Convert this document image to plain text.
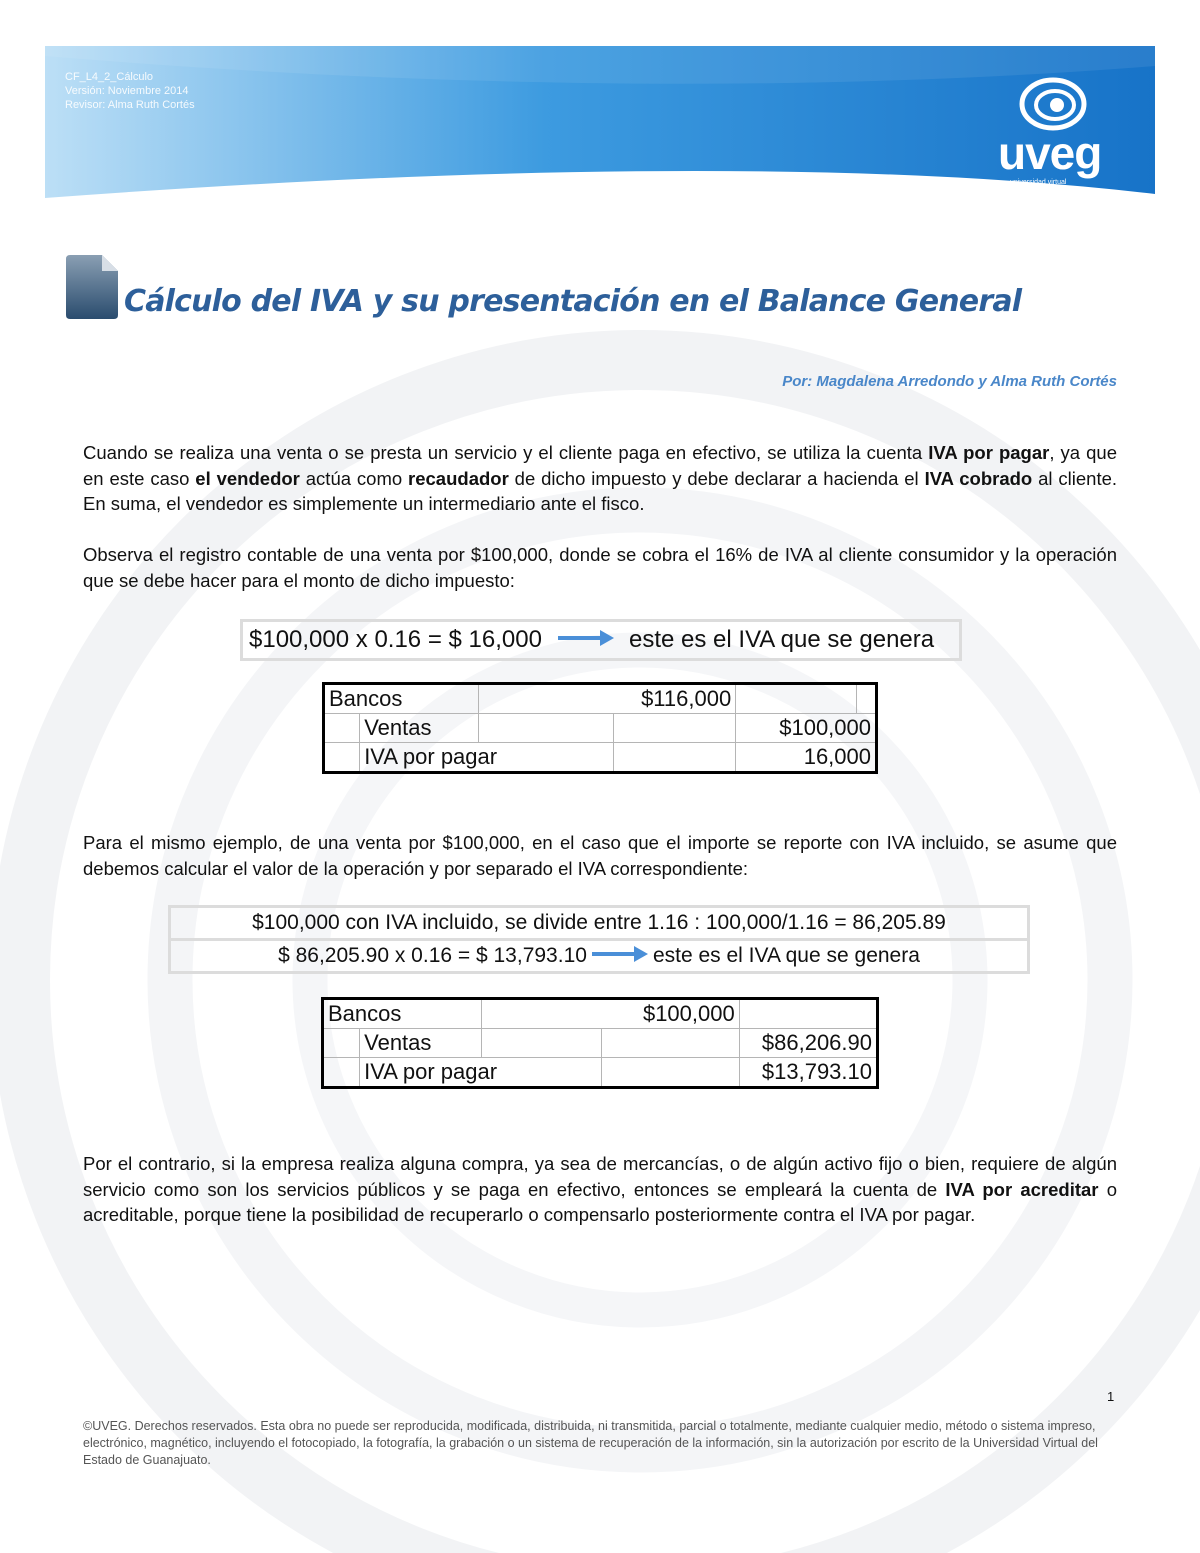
CF_L4_2_Cálculo
Versión: Noviembre 2014
Revisor: Alma Ruth Cortés
uveg
universidad virtual
del estado de guanajuato
Cálculo del IVA y su presentación en el Balance General
Por: Magdalena Arredondo y Alma Ruth Cortés
Cuando se realiza una venta o se presta un servicio y el cliente paga en efectivo, se utiliza la cuenta IVA por pagar, ya que en este caso el vendedor actúa como recaudador de dicho impuesto y debe declarar a hacienda el IVA cobrado al cliente. En suma, el vendedor es simplemente un intermediario ante el fisco.
Observa el registro contable de una venta por $100,000, donde se cobra el 16% de IVA al cliente consumidor y la operación que se debe hacer para el monto de dicho impuesto:
$100,000 x 0.16 = $ 16,000	este es el IVA que se genera
Bancos		$116,000			
	Ventas			$100,000	
	IVA por pagar			16,000	
Para el mismo ejemplo, de una venta por $100,000, en el caso que el importe se reporte con IVA incluido, se asume que debemos calcular el valor de la operación y por separado el IVA correspondiente:
$100,000 con IVA incluido, se divide entre 1.16 : 100,000/1.16 = 86,205.89
$ 86,205.90 x 0.16 = $ 13,793.10	este es el IVA que se genera
Bancos		$100,000		
	Ventas			$86,206.90
	IVA por pagar			$13,793.10
Por el contrario, si la empresa realiza alguna compra, ya sea de mercancías, o de algún activo fijo o bien, requiere de algún servicio como son los servicios públicos y se paga en efectivo, entonces se empleará la cuenta de IVA por acreditar o acreditable, porque tiene la posibilidad de recuperarlo o compensarlo posteriormente contra el IVA por pagar.
1
©UVEG. Derechos reservados. Esta obra no puede ser reproducida, modificada, distribuida, ni transmitida, parcial o totalmente, mediante cualquier medio, método o sistema impreso, electrónico, magnético, incluyendo el fotocopiado, la fotografía, la grabación o un sistema de recuperación de la información, sin la autorización por escrito de la Universidad Virtual del Estado de Guanajuato.
